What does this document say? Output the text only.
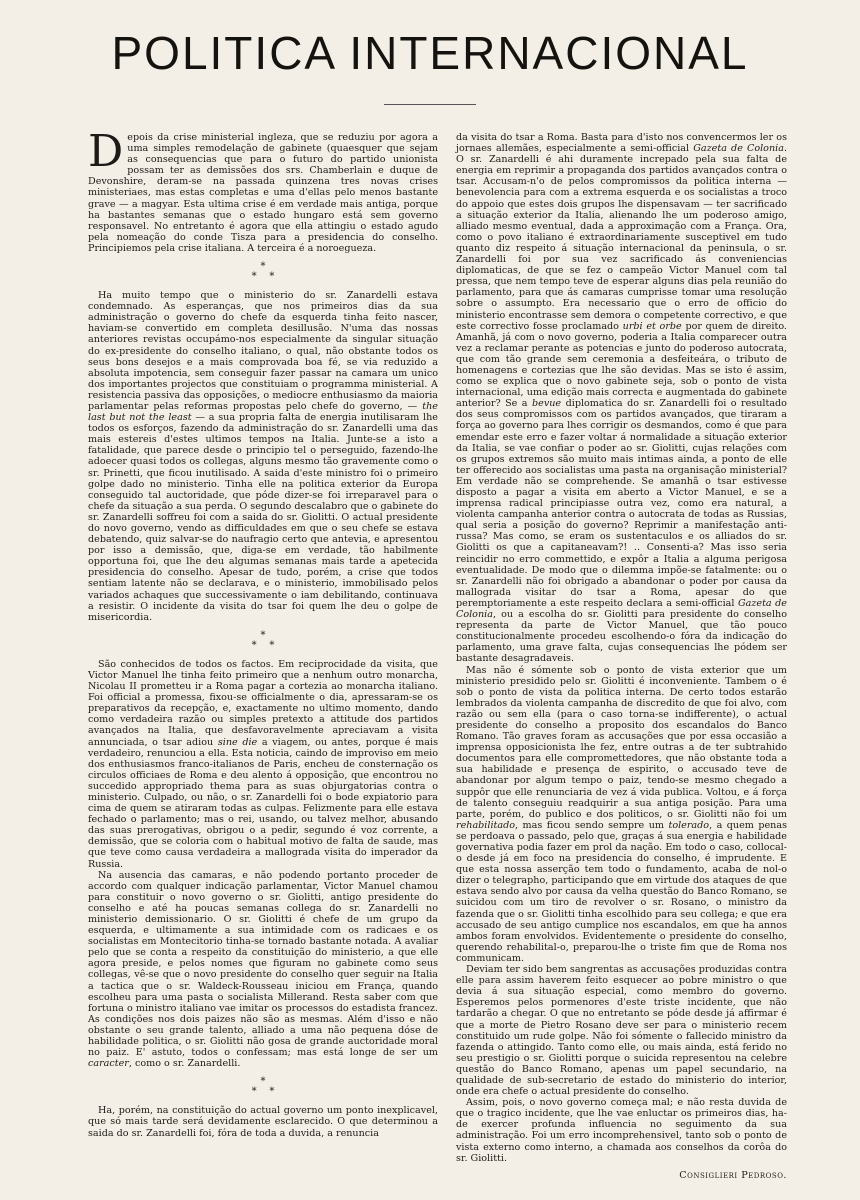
POLITICA INTERNACIONAL

Depois da crise ministerial ingleza, que se reduziu por agora a uma simples remodelação de gabinete (quaesquer que sejam as consequencias que para o futuro do partido unionista possam ter as demissões dos srs. Chamberlain e duque de Devonshire, deram-se na passada quinzena tres novas crises ministeriaes, mas estas completas e uma d'ellas pelo menos bastante grave — a magyar. Esta ultima crise é em verdade mais antiga, porque ha bastantes semanas que o estado hungaro está sem governo responsavel. No entretanto é agora que ella attingiu o estado agudo pela nomeação do conde Tisza para a presidencia do conselho. Principiemos pela crise italiana. A terceira é a noroegueza.

*
* *

Ha muito tempo que o ministerio do sr. Zanardelli estava condemnado. As esperanças, que nos primeiros dias da sua administração o governo do chefe da esquerda tinha feito nascer, haviam-se convertido em completa desillusão. N'uma das nossas anteriores revistas occupámo-nos especialmente da singular situação do ex-presidente do conselho italiano, o qual, não obstante todos os seus bons desejos e a mais comprovada boa fé, se via reduzido a absoluta impotencia, sem conseguir fazer passar na camara um unico dos importantes projectos que constituiam o programma ministerial. A resistencia passiva das opposições, o mediocre enthusiasmo da maioria parlamentar pelas reformas propostas pelo chefe do governo, — the last but not the least — a sua propria falta de energia inutilisaram lhe todos os esforços, fazendo da administração do sr. Zanardelli uma das mais estereis d'estes ultimos tempos na Italia. Junte-se a isto a fatalidade, que parece desde o principio tel o perseguido, fazendo-lhe adoecer quasi todos os collegas, alguns mesmo tão gravemente como o sr. Prinetti, que ficou inutilisado. A saida d'este ministro foi o primeiro golpe dado no ministerio. Tinha elle na politica exterior da Europa conseguido tal auctoridade, que póde dizer-se foi irreparavel para o chefe da situação a sua perda. O segundo descalabro que o gabinete do sr. Zanardelli soffreu foi com a saida do sr. Giolitti. O actual presidente do novo governo, vendo as difficuldades em que o seu chefe se estava debatendo, quiz salvar-se do naufragio certo que antevia, e apresentou por isso a demissão, que, diga-se em verdade, tão habilmente opportuna foi, que lhe deu algumas semanas mais tarde a apetecida presidencia do conselho. Apesar de tudo, porém, a crise que todos sentiam latente não se declarava, e o ministerio, immobilisado pelos variados achaques que successivamente o iam debilitando, continuava a resistir. O incidente da visita do tsar foi quem lhe deu o golpe de misericordia.

*
* *

São conhecidos de todos os factos. Em reciprocidade da visita, que Victor Manuel lhe tinha feito primeiro que a nenhum outro monarcha, Nicolau II prometteu ir a Roma pagar a cortezia ao monarcha italiano. Foi official a promessa, fixou-se officialmente o dia, apressaram-se os preparativos da recepção, e, exactamente no ultimo momento, dando como verdadeira razão ou simples pretexto a attitude dos partidos avançados na Italia, que desfavoravelmente apreciavam a visita annunciada, o tsar adiou sine die a viagem, ou antes, porque é mais verdadeiro, renunciou a ella. Esta noticia, caindo de improviso em meio dos enthusiasmos franco-italianos de Paris, encheu de consternação os circulos officiaes de Roma e deu alento á opposição, que encontrou no succedido appropriado thema para as suas objurgatorias contra o ministerio. Culpado, ou não, o sr. Zanardelli foi o bode expiatorio para cima de quem se atiraram todas as culpas. Felizmente para elle estava fechado o parlamento; mas o rei, usando, ou talvez melhor, abusando das suas prerogativas, obrigou o a pedir, segundo é voz corrente, a demissão, que se coloria com o habitual motivo de falta de saude, mas que teve como causa verdadeira a mallograda visita do imperador da Russia.

Na ausencia das camaras, e não podendo portanto proceder de accordo com qualquer indicação parlamentar, Victor Manuel chamou para constituir o novo governo o sr. Giolitti, antigo presidente do conselho e até ha poucas semanas collega do sr. Zanardelli no ministerio demissionario. O sr. Giolitti é chefe de um grupo da esquerda, e ultimamente a sua intimidade com os radicaes e os socialistas em Montecitorio tinha-se tornado bastante notada. A avaliar pelo que se conta a respeito da constituição do ministerio, a que elle agora preside, e pelos nomes que figuram no gabinete como seus collegas, vê-se que o novo presidente do conselho quer seguir na Italia a tactica que o sr. Waldeck-Rousseau iniciou em França, quando escolheu para uma pasta o socialista Millerand. Resta saber com que fortuna o ministro italiano vae imitar os processos do estadista francez. As condições nos dois paizes não são as mesmas. Além d'isso e não obstante o seu grande talento, alliado a uma não pequena dóse de habilidade politica, o sr. Giolitti não gosa de grande auctoridade moral no paiz. E' astuto, todos o confessam; mas está longe de ser um caracter, como o sr. Zanardelli.

*
* *

Ha, porém, na constituição do actual governo um ponto inexplicavel, que só mais tarde será devidamente esclarecido. O que determinou a saida do sr. Zanardelli foi, fóra de toda a duvida, a renuncia

da visita do tsar a Roma. Basta para d'isto nos convencermos ler os jornaes allemães, especialmente a semi-official Gazeta de Colonia. O sr. Zanardelli é ahi duramente increpado pela sua falta de energia em reprimir a propaganda dos partidos avançados contra o tsar. Accusam-n'o de pelos compromissos da politica interna — benevolencia para com a extrema esquerda e os socialistas a troco do appoio que estes dois grupos lhe dispensavam — ter sacrificado a situação exterior da Italia, alienando lhe um poderoso amigo, alliado mesmo eventual, dada a approximação com a França. Ora, como o povo italiano é extraordinariamente susceptivel em tudo quanto diz respeito á situação internacional da peninsula, o sr. Zanardelli foi por sua vez sacrificado ás conveniencias diplomaticas, de que se fez o campeão Victor Manuel com tal pressa, que nem tempo teve de esperar alguns dias pela reunião do parlamento, para que ás camaras cumprisse tomar uma resolução sobre o assumpto. Era necessario que o erro de officio do ministerio encontrasse sem demora o competente correctivo, e que este correctivo fosse proclamado urbi et orbe por quem de direito. Amanhã, já com o novo governo, poderia a Italia comparecer outra vez a reclamar perante as potencias e junto do poderoso autocrata, que com tão grande sem ceremonia a desfeiteára, o tributo de homenagens e cortezias que lhe são devidas. Mas se isto é assim, como se explica que o novo gabinete seja, sob o ponto de vista internacional, uma edição mais correcta e augmentada do gabinete anterior? Se a bevue diplomatica do sr. Zanardelli foi o resultado dos seus compromissos com os partidos avançados, que tiraram a força ao governo para lhes corrigir os desmandos, como é que para emendar este erro e fazer voltar á normalidade a situação exterior da Italia, se vae confiar o poder ao sr. Giolitti, cujas relações com os grupos extremos são muito mais intimas ainda, a ponto de elle ter offerecido aos socialistas uma pasta na organisação ministerial? Em verdade não se comprehende. Se amanhã o tsar estivesse disposto a pagar a visita em aberto a Victor Manuel, e se a imprensa radical principiasse outra vez, como era natural, a violenta campanha anterior contra o autocrata de todas as Russias, qual seria a posição do governo? Reprimir a manifestação anti-russa? Mas como, se eram os sustentaculos e os alliados do sr. Giolitti os que a capitaneavam?! .. Consenti-a? Mas isso seria reincidir no erro commettido, e expôr a Italia a alguma perigosa eventualidade. De modo que o dilemma impõe-se fatalmente: ou o sr. Zanardelli não foi obrigado a abandonar o poder por causa da mallograda visitar do tsar a Roma, apesar do que peremptoriamente a este respeito declara a semi-official Gazeta de Colonia, ou a escolha do sr. Giolitti para presidente do conselho representa da parte de Victor Manuel, que tão pouco constitucionalmente procedeu escolhendo-o fóra da indicação do parlamento, uma grave falta, cujas consequencias lhe pódem ser bastante desagradaveis.

Mas não é sómente sob o ponto de vista exterior que um ministerio presidido pelo sr. Giolitti é inconveniente. Tambem o é sob o ponto de vista da politica interna. De certo todos estarão lembrados da violenta campanha de discredito de que foi alvo, com razão ou sem ella (para o caso torna-se indifferente), o actual presidente do conselho a proposito dos escandalos do Banco Romano. Tão graves foram as accusações que por essa occasião a imprensa opposicionista lhe fez, entre outras a de ter subtrahido documentos para elle compromettedores, que não obstante toda a sua habilidade e presença de espirito, o accusado teve de abandonar por algum tempo o paiz, tendo-se mesmo chegado a suppôr que elle renunciaria de vez á vida publica. Voltou, e á força de talento conseguiu readquirir a sua antiga posição. Para uma parte, porém, do publico e dos politicos, o sr. Giolitti não foi um rehabilitado, mas ficou sendo sempre um tolerado, a quem penas se perdoava o passado, pelo que, graças á sua energia e habilidade governativa podia fazer em prol da nação. Em todo o caso, collocal-o desde já em foco na presidencia do conselho, é imprudente. E que esta nossa asserção tem todo o fundamento, acaba de nol-o dizer o telegrapho, participando que em virtude dos ataques de que estava sendo alvo por causa da velha questão do Banco Romano, se suicidou com um tiro de revolver o sr. Rosano, o ministro da fazenda que o sr. Giolitti tinha escolhido para seu collega; e que era accusado de seu antigo cumplice nos escandalos, em que ha annos ambos foram envolvidos. Evidentemente o presidente do conselho, querendo rehabilital-o, preparou-lhe o triste fim que de Roma nos communicam.

Deviam ter sido bem sangrentas as accusações produzidas contra elle para assim haverem feito esquecer ao pobre ministro o que devia á sua situação especial, como membro do governo. Esperemos pelos pormenores d'este triste incidente, que não tardarão a chegar. O que no entretanto se póde desde já affirmar é que a morte de Pietro Rosano deve ser para o ministerio recem constituido um rude golpe. Não foi sómente o fallecido ministro da fazenda o attingido. Tanto como elle, ou mais ainda, está ferido no seu prestigio o sr. Giolitti porque o suicida representou na celebre questão do Banco Romano, apenas um papel secundario, na qualidade de sub-secretario de estado do ministerio do interior, onde era chefe o actual presidente do conselho.

Assim, pois, o novo governo começa mal; e não resta duvida de que o tragico incidente, que lhe vae enluctar os primeiros dias, ha-de exercer profunda influencia no seguimento da sua administração. Foi um erro incomprehensivel, tanto sob o ponto de vista externo como interno, a chamada aos conselhos da corôa do sr. Giolitti.

Consiglieri Pedroso.
